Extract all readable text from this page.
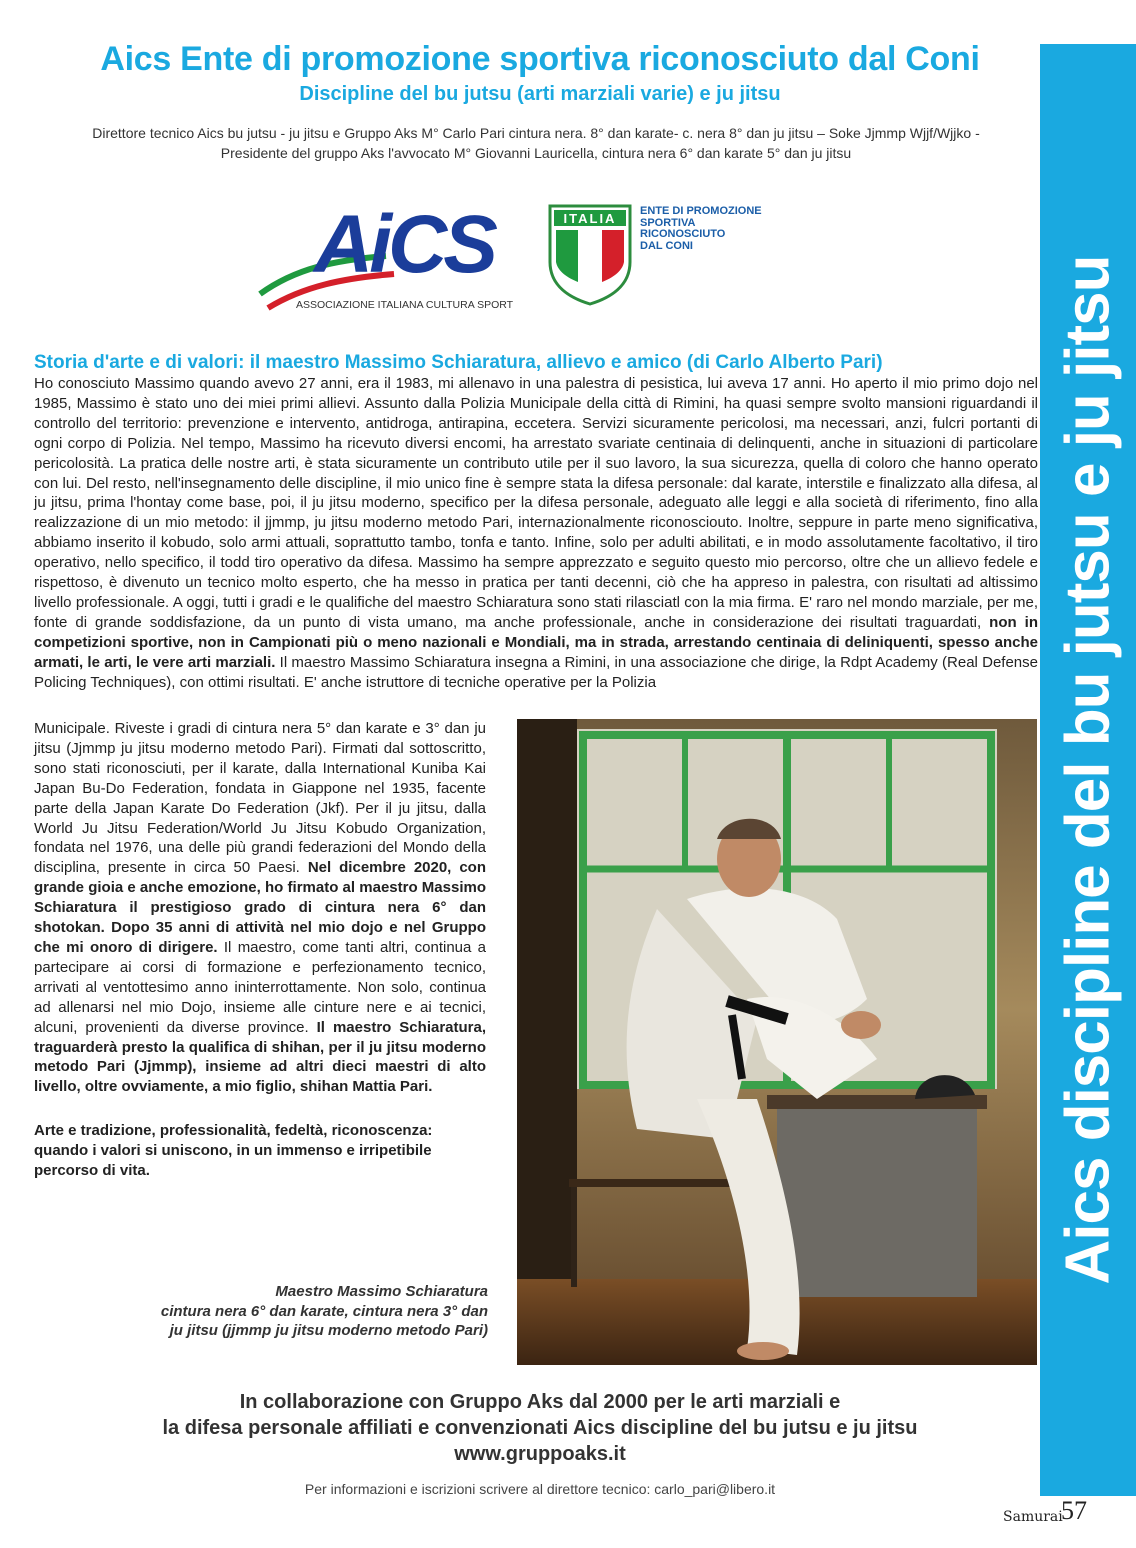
Aics discipline del bu jutsu e ju jitsu
Aics Ente di promozione sportiva riconosciuto dal Coni
Discipline del bu jutsu (arti marziali varie) e ju jitsu
Direttore tecnico Aics bu jutsu - ju jitsu e Gruppo Aks M° Carlo Pari cintura nera. 8° dan karate- c. nera 8° dan ju jitsu – Soke Jjmmp Wjjf/Wjjko -
Presidente del gruppo Aks l'avvocato M° Giovanni Lauricella, cintura nera 6° dan karate 5° dan ju jitsu
AiCS
ASSOCIAZIONE ITALIANA CULTURA SPORT
ITALIA ENTE DI PROMOZIONE
SPORTIVA
RICONOSCIUTO
DAL CONI
Storia d'arte e di valori: il maestro Massimo Schiaratura, allievo e amico (di Carlo Alberto Pari)
Ho conosciuto Massimo quando avevo 27 anni, era il 1983, mi allenavo in una palestra di pesistica, lui aveva 17 anni. Ho aperto il mio primo dojo nel 1985, Massimo è stato uno dei miei primi allievi. Assunto dalla Polizia Municipale della città di Rimini, ha quasi sempre svolto mansioni riguardandi il controllo del territorio: prevenzione e intervento, antidroga, antirapina, eccetera. Servizi sicuramente pericolosi, ma necessari, anzi, fulcri portanti di ogni corpo di Polizia. Nel tempo, Massimo ha ricevuto diversi encomi, ha arrestato svariate centinaia di delinquenti, anche in situazioni di particolare pericolosità. La pratica delle nostre arti, è stata sicuramente un contributo utile per il suo lavoro, la sua sicurezza, quella di coloro che hanno operato con lui. Del resto, nell'insegnamento delle discipline, il mio unico fine è sempre stata la difesa personale: dal karate, interstile e finalizzato alla difesa, al ju jitsu, prima l'hontay come base, poi, il ju jitsu moderno, specifico per la difesa personale, adeguato alle leggi e alla società di riferimento, fino alla realizzazione di un mio metodo: il jjmmp, ju jitsu moderno metodo Pari, internazionalmente riconosciouto. Inoltre, seppure in parte meno significativa, abbiamo inserito il kobudo, solo armi attuali, soprattutto tambo, tonfa e tanto. Infine, solo per adulti abilitati, e in modo assolutamente facoltativo, il tiro operativo, nello specifico, il todd tiro operativo da difesa. Massimo ha sempre apprezzato e seguito questo mio percorso, oltre che un allievo fedele e rispettoso, è divenuto un tecnico molto esperto, che ha messo in pratica per tanti decenni, ciò che ha appreso in palestra, con risultati ad altissimo livello professionale. A oggi, tutti i gradi e le qualifiche del maestro Schiaratura sono stati rilasciatl con la mia firma. E' raro nel mondo marziale, per me, fonte di grande soddisfazione, da un punto di vista umano, ma anche professionale, anche in considerazione dei risultati traguardati, non in competizioni sportive, non in Campionati più o meno nazionali e Mondiali, ma in strada, arrestando centinaia di deliniquenti, spesso anche armati, le arti, le vere arti marziali. Il maestro Massimo Schiaratura insegna a Rimini, in una associazione che dirige, la Rdpt Academy (Real Defense Policing Techniques), con ottimi risultati. E' anche istruttore di tecniche operative per la Polizia
Municipale. Riveste i gradi di cintura nera 5° dan karate e 3° dan ju jitsu (Jjmmp ju jitsu moderno metodo Pari). Firmati dal sottoscritto, sono stati riconosciuti, per il karate, dalla International Kuniba Kai Japan Bu-Do Federation, fondata in Giappone nel 1935, facente parte della Japan Karate Do Federation (Jkf). Per il ju jitsu, dalla World Ju Jitsu Federation/World Ju Jitsu Kobudo Organization, fondata nel 1976, una delle più grandi federazioni del Mondo della disciplina, presente in circa 50 Paesi. Nel dicembre 2020, con grande gioia e anche emozione, ho firmato al maestro Massimo Schiaratura il prestigioso grado di cintura nera 6° dan shotokan. Dopo 35 anni di attività nel mio dojo e nel Gruppo che mi onoro di dirigere. Il maestro, come tanti altri, continua a partecipare ai corsi di formazione e perfezionamento tecnico, arrivati al ventottesimo anno ininterrottamente. Non solo, continua ad allenarsi nel mio Dojo, insieme alle cinture nere e ai tecnici, alcuni, provenienti da diverse province. Il maestro Schiaratura, traguarderà presto la qualifica di shihan, per il ju jitsu moderno metodo Pari (Jjmmp), insieme ad altri dieci maestri di alto livello, oltre ovviamente, a mio figlio, shihan Mattia Pari.
Arte e tradizione, professionalità, fedeltà, riconoscenza: quando i valori si uniscono, in un immenso e irripetibile percorso di vita.
Maestro Massimo Schiaratura
cintura nera 6° dan karate, cintura nera 3° dan
ju jitsu (jjmmp ju jitsu moderno metodo Pari)
In collaborazione con Gruppo Aks dal 2000 per le arti marziali e
la difesa personale affiliati e convenzionati Aics discipline del bu jutsu e ju jitsu
www.gruppoaks.it
Per informazioni e iscrizioni scrivere al direttore tecnico: carlo_pari@libero.it
Samurai
57
